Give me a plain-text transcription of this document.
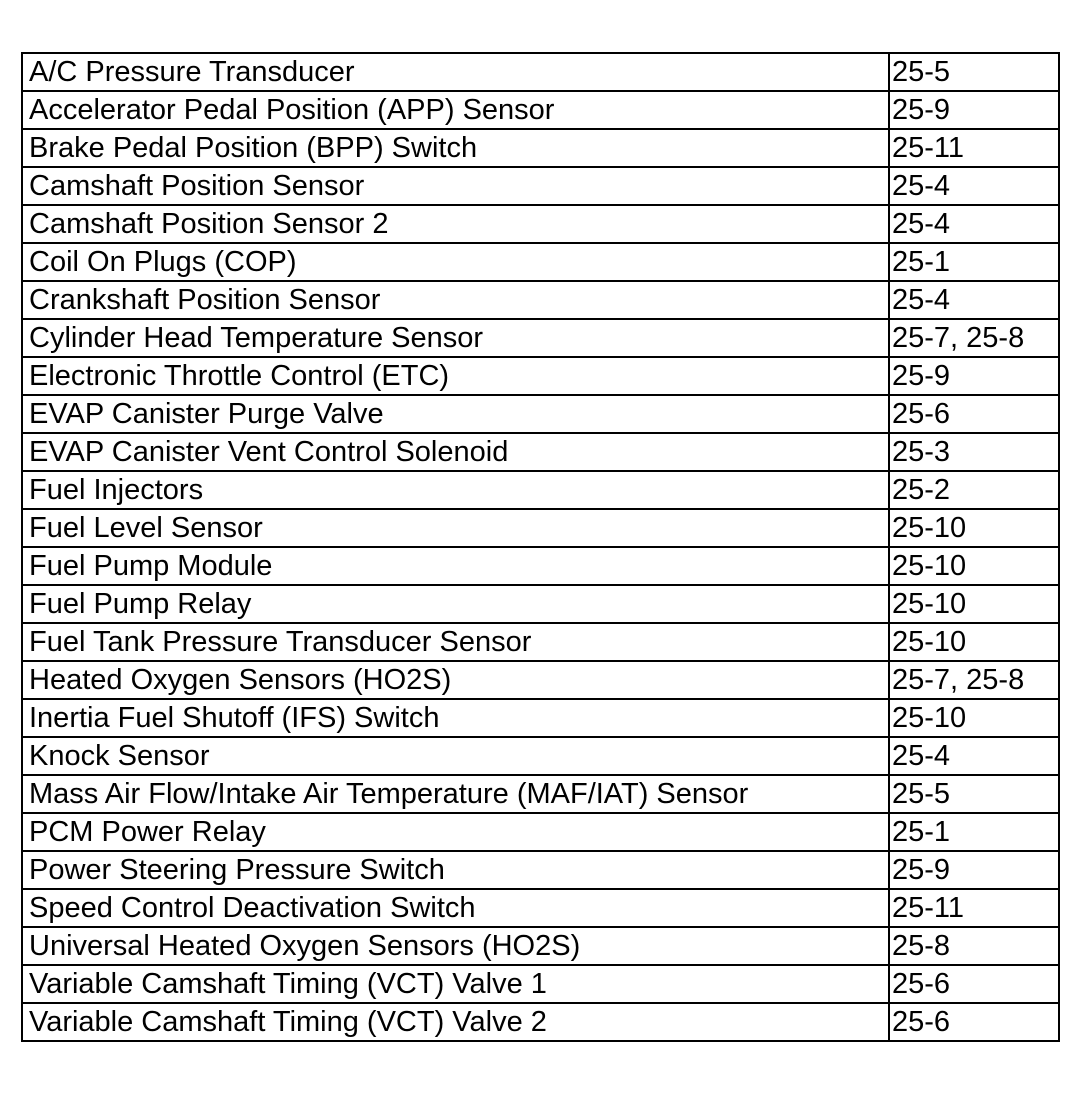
A/C Pressure Transducer	25-5
Accelerator Pedal Position (APP) Sensor	25-9
Brake Pedal Position (BPP) Switch	25-11
Camshaft Position Sensor	25-4
Camshaft Position Sensor 2	25-4
Coil On Plugs (COP)	25-1
Crankshaft Position Sensor	25-4
Cylinder Head Temperature Sensor	25-7, 25-8
Electronic Throttle Control (ETC)	25-9
EVAP Canister Purge Valve	25-6
EVAP Canister Vent Control Solenoid	25-3
Fuel Injectors	25-2
Fuel Level Sensor	25-10
Fuel Pump Module	25-10
Fuel Pump Relay	25-10
Fuel Tank Pressure Transducer Sensor	25-10
Heated Oxygen Sensors (HO2S)	25-7, 25-8
Inertia Fuel Shutoff (IFS) Switch	25-10
Knock Sensor	25-4
Mass Air Flow/Intake Air Temperature (MAF/IAT) Sensor	25-5
PCM Power Relay	25-1
Power Steering Pressure Switch	25-9
Speed Control Deactivation Switch	25-11
Universal Heated Oxygen Sensors (HO2S)	25-8
Variable Camshaft Timing (VCT) Valve 1	25-6
Variable Camshaft Timing (VCT) Valve 2	25-6
